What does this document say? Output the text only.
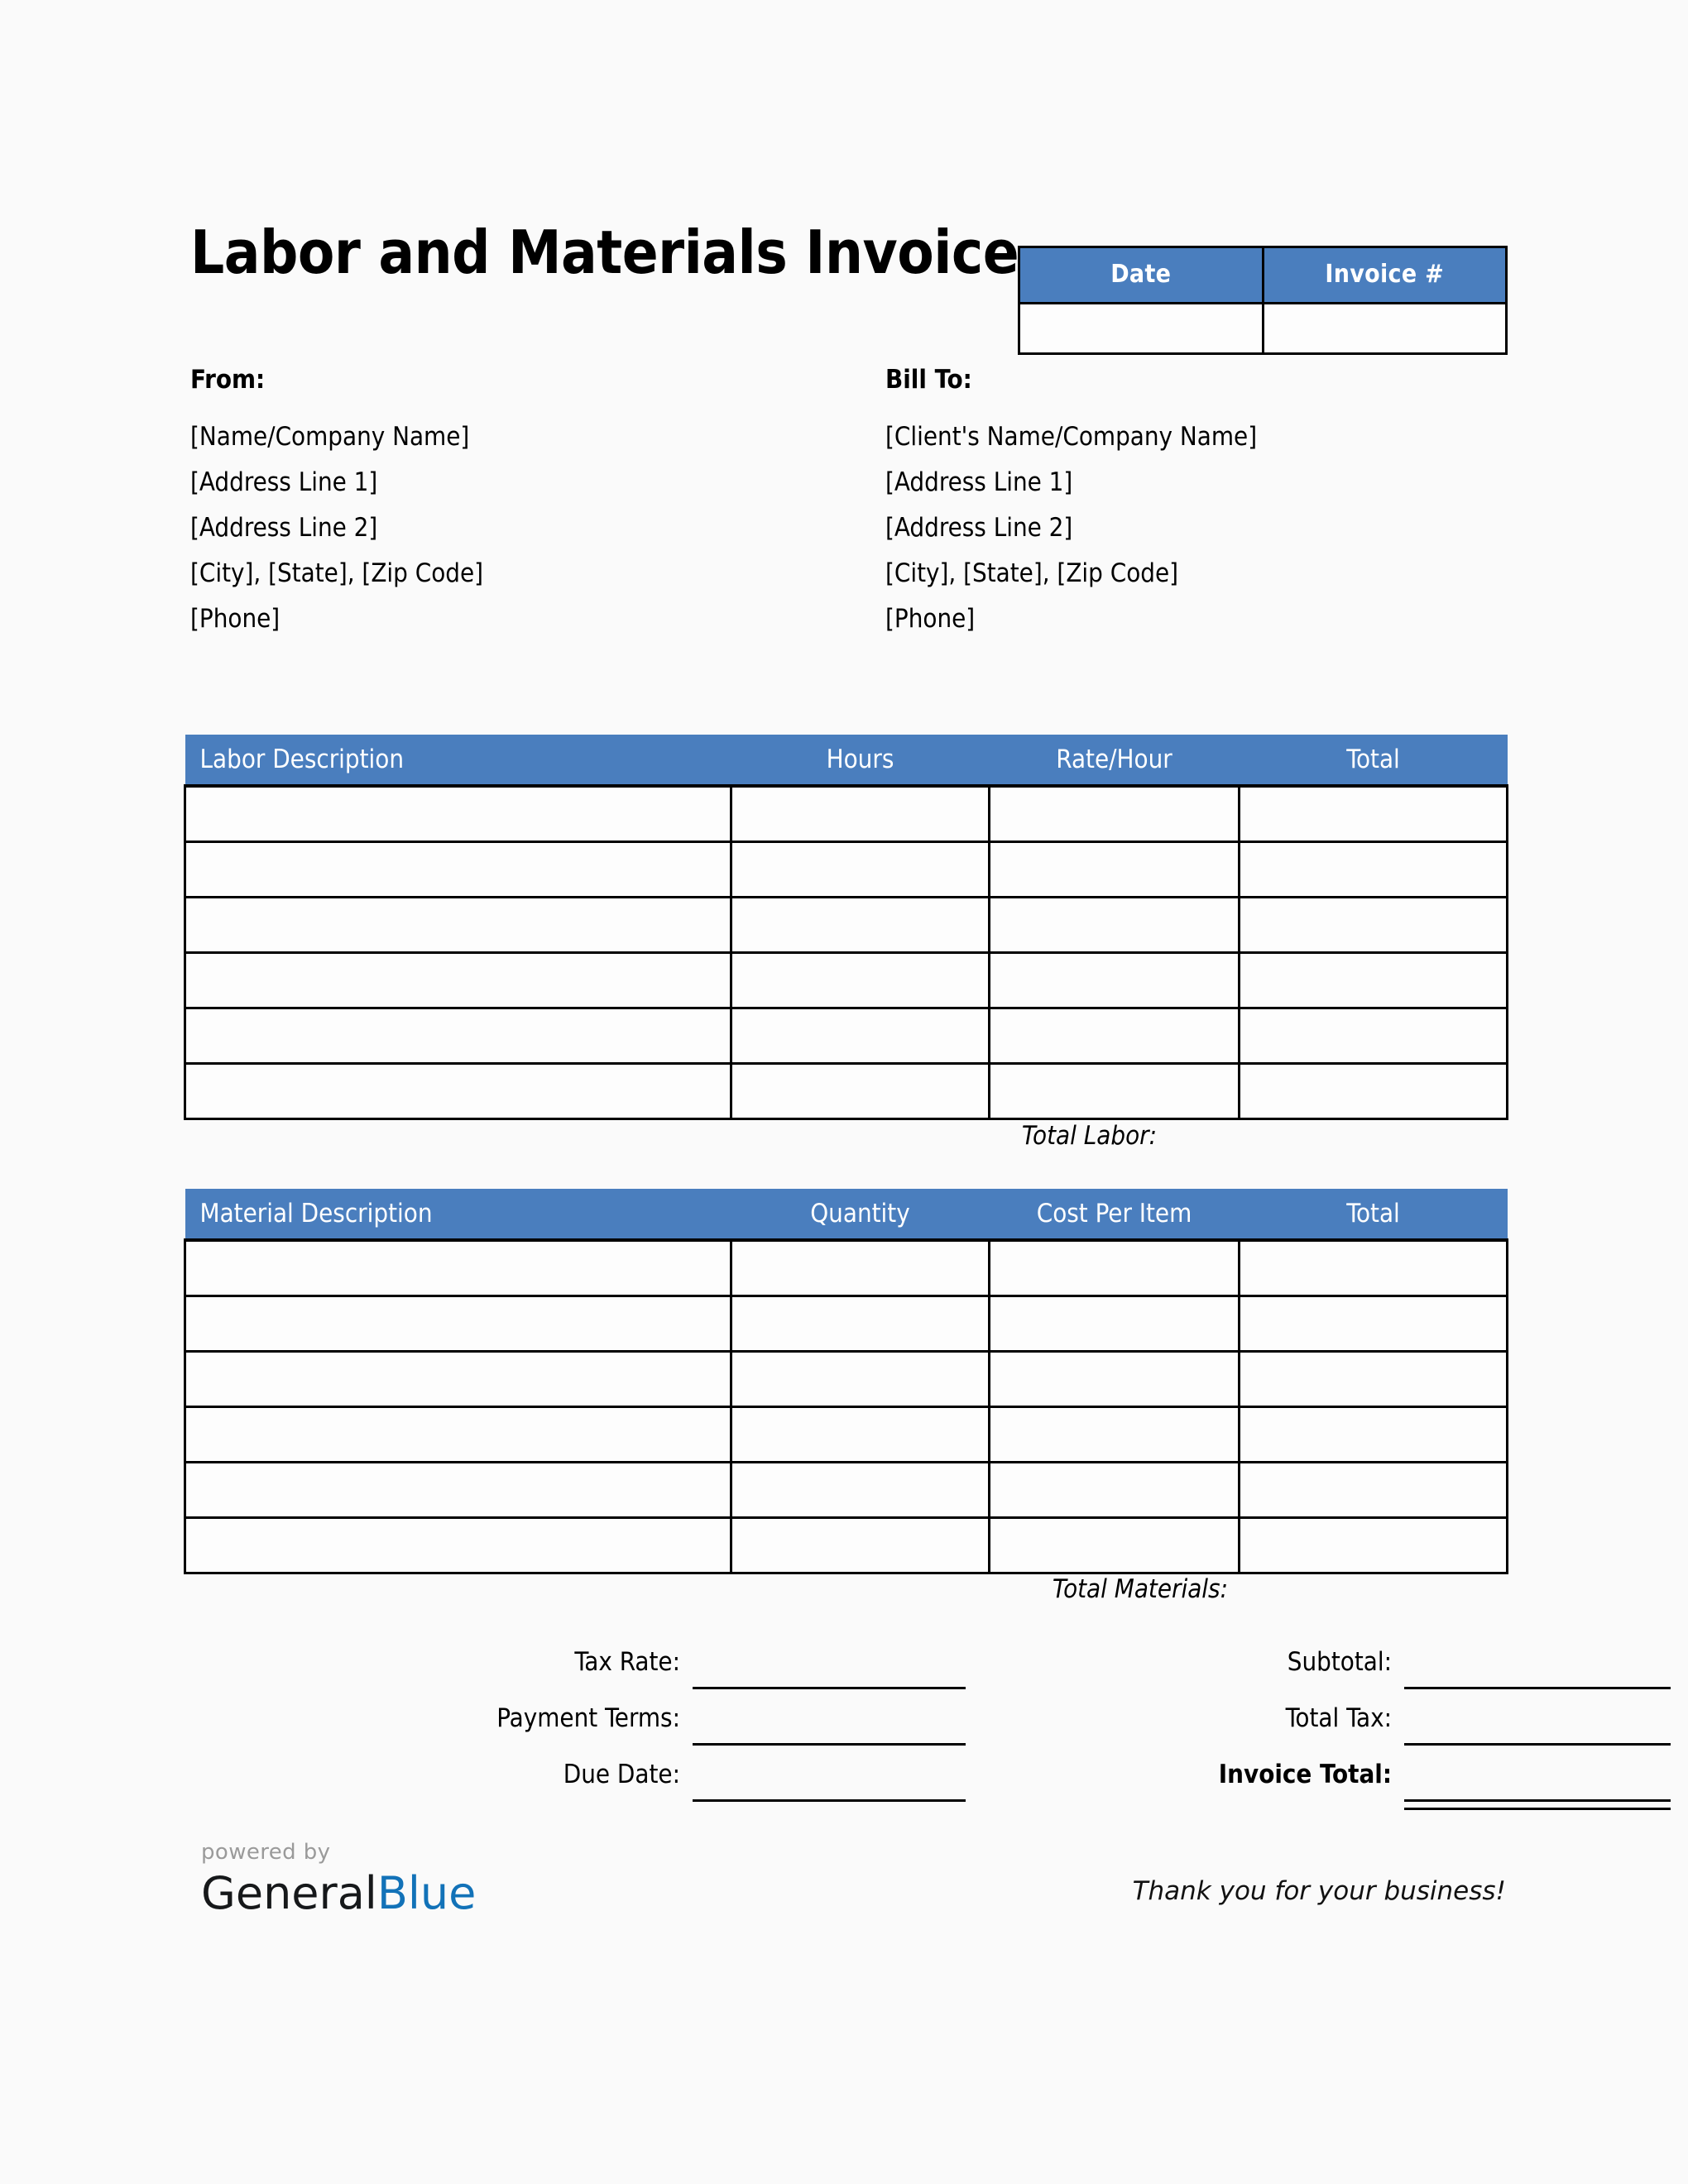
Labor and Materials Invoice	Date	Invoice #

From:
[Name/Company Name]
[Address Line 1]
[Address Line 2]
[City], [State], [Zip Code]
[Phone]
Bill To:
[Client's Name/Company Name]
[Address Line 1]
[Address Line 2]
[City], [State], [Zip Code]
[Phone]
Labor Description	Hours	Rate/Hour	Total

Total Labor:
Material Description	Quantity	Cost Per Item	Total

Total Materials:
Tax Rate:
Payment Terms:
Due Date:
Subtotal:
Total Tax:
Invoice Total:
powered by
GeneralBlue	Thank you for your business!
